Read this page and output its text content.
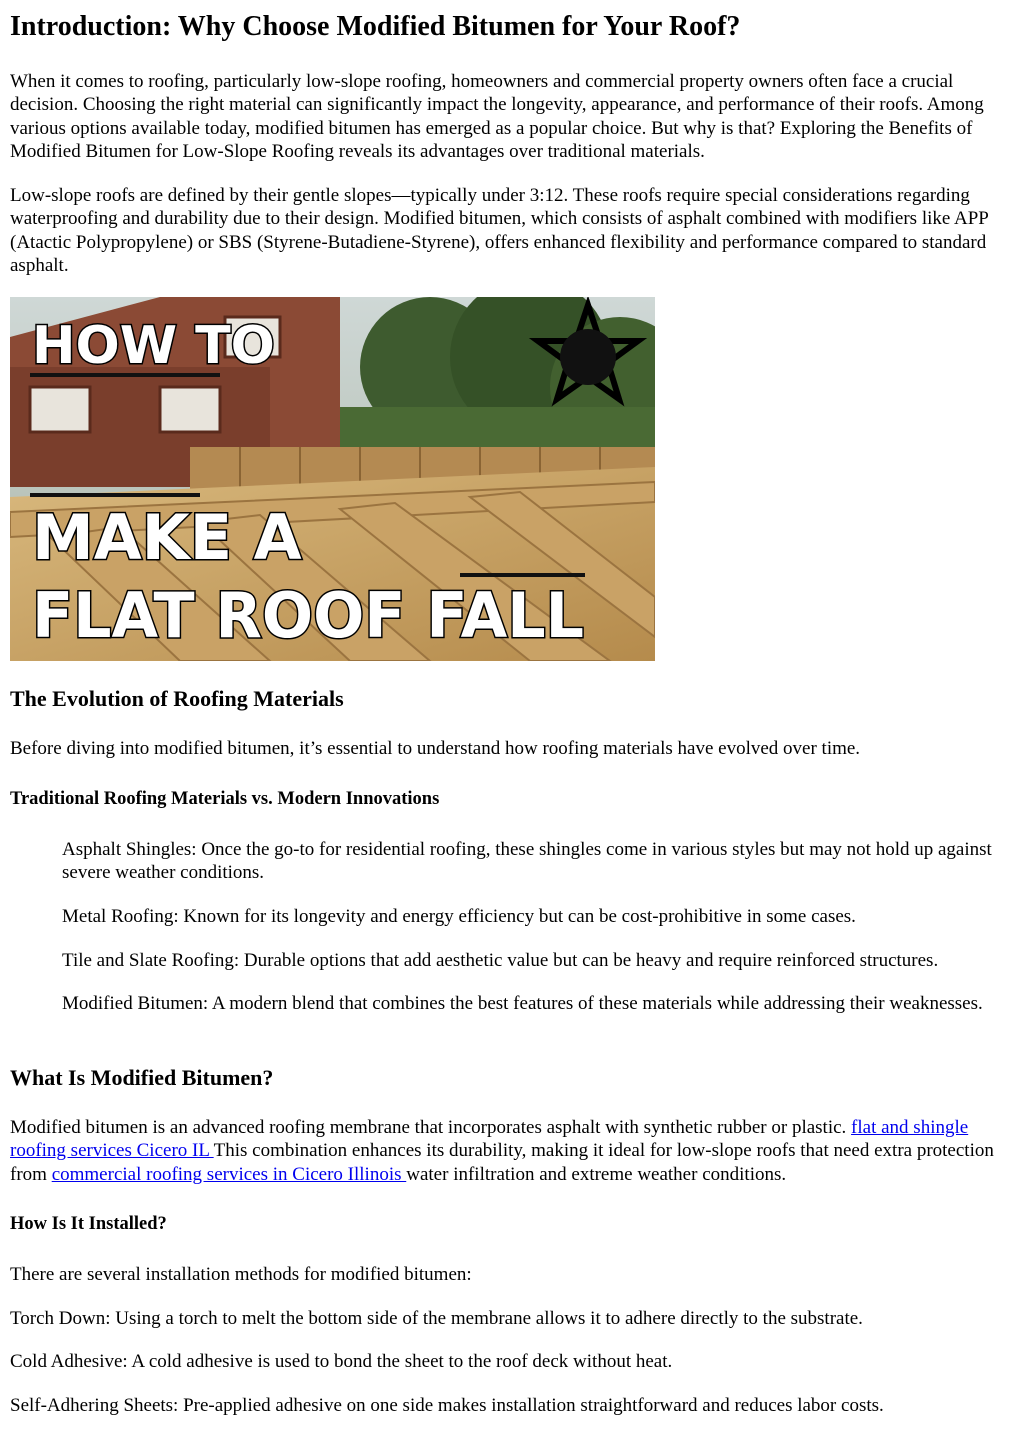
Introduction: Why Choose Modified Bitumen for Your Roof?

When it comes to roofing, particularly low-slope roofing, homeowners and commercial property owners often face a crucial decision. Choosing the right material can significantly impact the longevity, appearance, and performance of their roofs. Among various options available today, modified bitumen has emerged as a popular choice. But why is that? Exploring the Benefits of Modified Bitumen for Low-Slope Roofing reveals its advantages over traditional materials.

Low-slope roofs are defined by their gentle slopes—typically under 3:12. These roofs require special considerations regarding waterproofing and durability due to their design. Modified bitumen, which consists of asphalt combined with modifiers like APP (Atactic Polypropylene) or SBS (Styrene-Butadiene-Styrene), offers enhanced flexibility and performance compared to standard asphalt.

HOW TO
MAKE A
FLAT ROOF FALL
The Evolution of Roofing Materials

Before diving into modified bitumen, it’s essential to understand how roofing materials have evolved over time.

Traditional Roofing Materials vs. Modern Innovations
Asphalt Shingles: Once the go-to for residential roofing, these shingles come in various styles but may not hold up against severe weather conditions.
Metal Roofing: Known for its longevity and energy efficiency but can be cost-prohibitive in some cases.
Tile and Slate Roofing: Durable options that add aesthetic value but can be heavy and require reinforced structures.
Modified Bitumen: A modern blend that combines the best features of these materials while addressing their weaknesses.
What Is Modified Bitumen?

Modified bitumen is an advanced roofing membrane that incorporates asphalt with synthetic rubber or plastic. flat and shingle roofing services Cicero IL This combination enhances its durability, making it ideal for low-slope roofs that need extra protection from commercial roofing services in Cicero Illinois water infiltration and extreme weather conditions.

How Is It Installed?

There are several installation methods for modified bitumen:

Torch Down: Using a torch to melt the bottom side of the membrane allows it to adhere directly to the substrate.

Cold Adhesive: A cold adhesive is used to bond the sheet to the roof deck without heat.

Self-Adhering Sheets: Pre-applied adhesive on one side makes installation straightforward and reduces labor costs.
